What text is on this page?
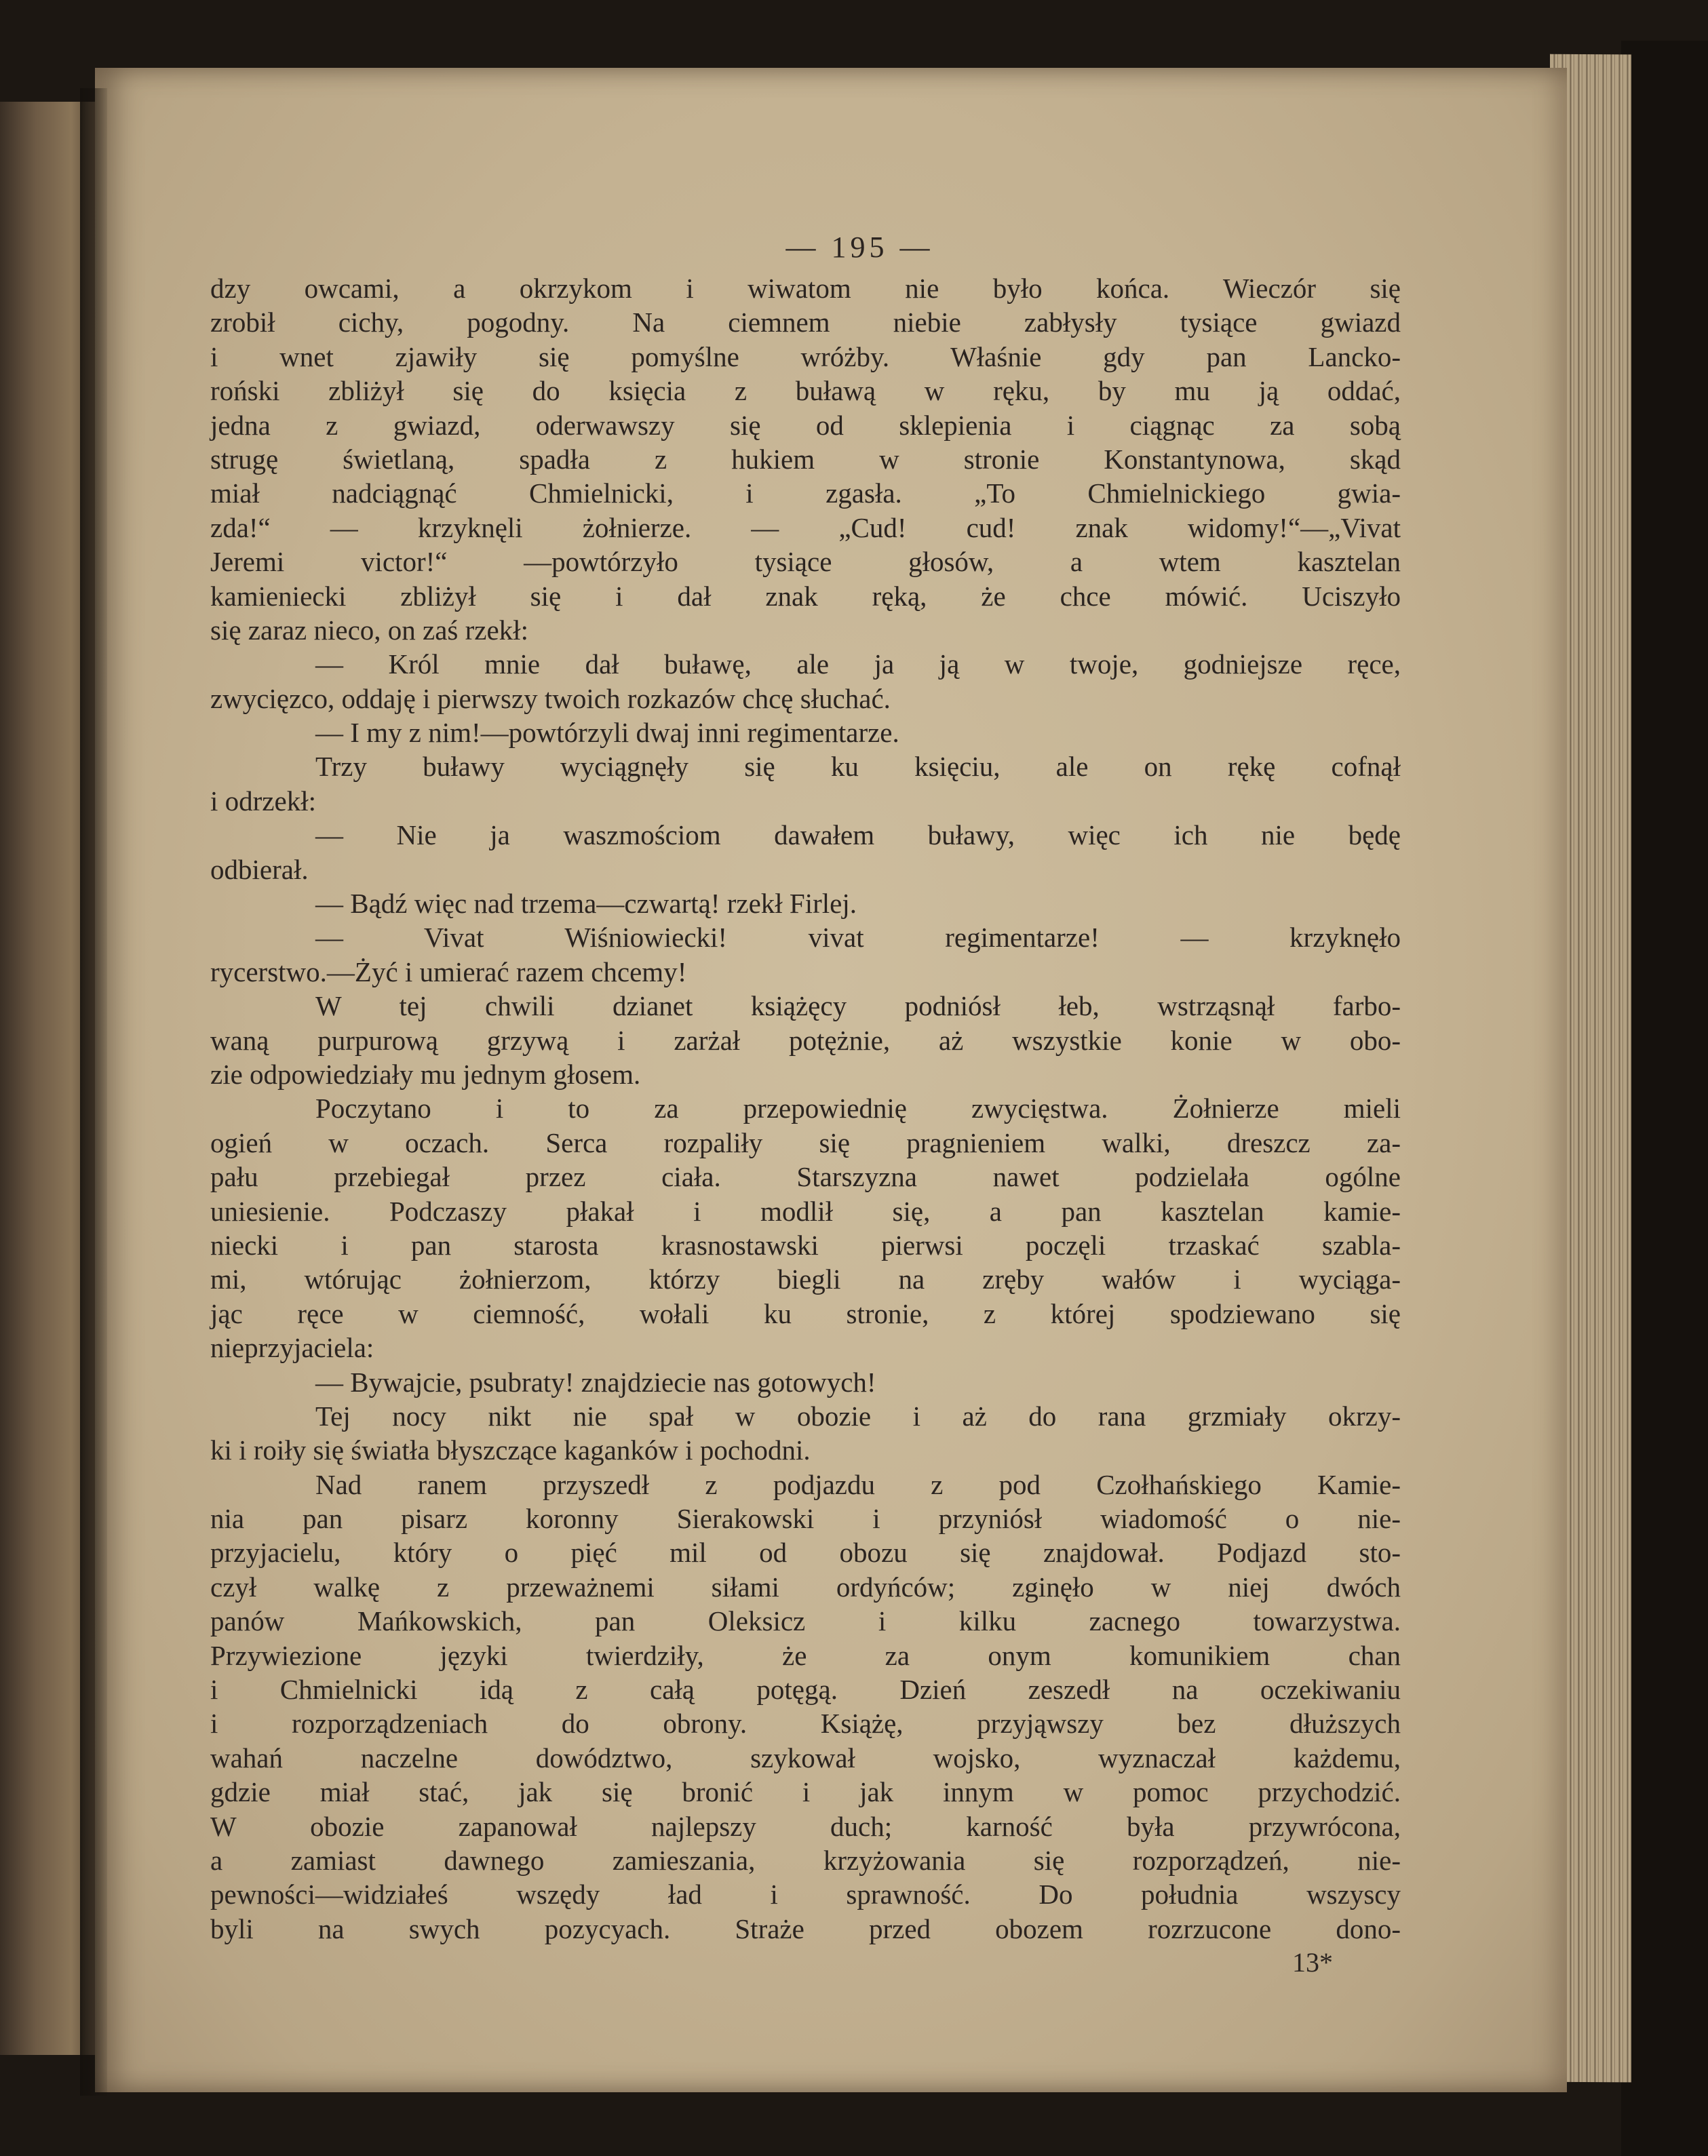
— 195 —
dzy owcami, a okrzykom i wiwatom nie było końca. Wieczór się
zrobił cichy, pogodny. Na ciemnem niebie zabłysły tysiące gwiazd
i wnet zjawiły się pomyślne wróżby. Właśnie gdy pan Lancko-
roński zbliżył się do księcia z buławą w ręku, by mu ją oddać,
jedna z gwiazd, oderwawszy się od sklepienia i ciągnąc za sobą
strugę świetlaną, spadła z hukiem w stronie Konstantynowa, skąd
miał nadciągnąć Chmielnicki, i zgasła. „To Chmielnickiego gwia-
zda!“ — krzyknęli żołnierze. — „Cud! cud! znak widomy!“—„Vivat
Jeremi victor!“ —powtórzyło tysiące głosów, a wtem kasztelan
kamieniecki zbliżył się i dał znak ręką, że chce mówić. Uciszyło
się zaraz nieco, on zaś rzekł:
— Król mnie dał buławę, ale ja ją w twoje, godniejsze ręce,
zwycięzco, oddaję i pierwszy twoich rozkazów chcę słuchać.
— I my z nim!—powtórzyli dwaj inni regimentarze.
Trzy buławy wyciągnęły się ku księciu, ale on rękę cofnął
i odrzekł:
— Nie ja waszmościom dawałem buławy, więc ich nie będę
odbierał.
— Bądź więc nad trzema—czwartą! rzekł Firlej.
— Vivat Wiśniowiecki! vivat regimentarze! — krzyknęło
rycerstwo.—Żyć i umierać razem chcemy!
W tej chwili dzianet książęcy podniósł łeb, wstrząsnął farbo-
waną purpurową grzywą i zarżał potężnie, aż wszystkie konie w obo-
zie odpowiedziały mu jednym głosem.
Poczytano i to za przepowiednię zwycięstwa. Żołnierze mieli
ogień w oczach. Serca rozpaliły się pragnieniem walki, dreszcz za-
pału przebiegał przez ciała. Starszyzna nawet podzielała ogólne
uniesienie. Podczaszy płakał i modlił się, a pan kasztelan kamie-
niecki i pan starosta krasnostawski pierwsi poczęli trzaskać szabla-
mi, wtórując żołnierzom, którzy biegli na zręby wałów i wyciąga-
jąc ręce w ciemność, wołali ku stronie, z której spodziewano się
nieprzyjaciela:
— Bywajcie, psubraty! znajdziecie nas gotowych!
Tej nocy nikt nie spał w obozie i aż do rana grzmiały okrzy-
ki i roiły się światła błyszczące kaganków i pochodni.
Nad ranem przyszedł z podjazdu z pod Czołhańskiego Kamie-
nia pan pisarz koronny Sierakowski i przyniósł wiadomość o nie-
przyjacielu, który o pięć mil od obozu się znajdował. Podjazd sto-
czył walkę z przeważnemi siłami ordyńców; zginęło w niej dwóch
panów Mańkowskich, pan Oleksicz i kilku zacnego towarzystwa.
Przywiezione języki twierdziły, że za onym komunikiem chan
i Chmielnicki idą z całą potęgą. Dzień zeszedł na oczekiwaniu
i rozporządzeniach do obrony. Książę, przyjąwszy bez dłuższych
wahań naczelne dowództwo, szykował wojsko, wyznaczał każdemu,
gdzie miał stać, jak się bronić i jak innym w pomoc przychodzić.
W obozie zapanował najlepszy duch; karność była przywrócona,
a zamiast dawnego zamieszania, krzyżowania się rozporządzeń, nie-
pewności—widziałeś wszędy ład i sprawność. Do południa wszyscy
byli na swych pozycyach. Straże przed obozem rozrzucone dono-
13*
